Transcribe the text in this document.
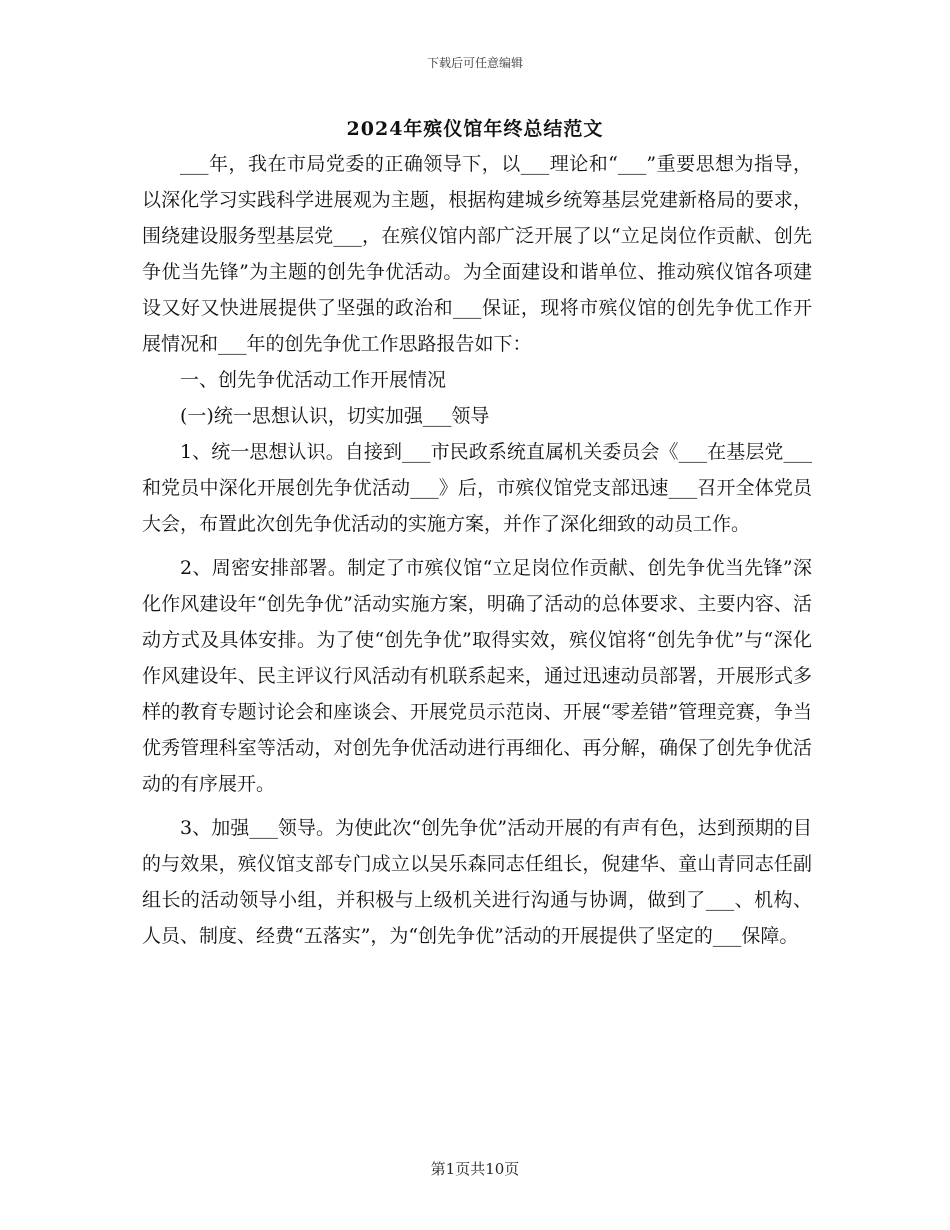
下载后可任意编辑
2024年殡仪馆年终总结范文

___年，我在市局党委的正确领导下，以___理论和“___”重要思想为指导，以深化学习实践科学进展观为主题，根据构建城乡统筹基层党建新格局的要求，围绕建设服务型基层党___，在殡仪馆内部广泛开展了以“立足岗位作贡献、创先争优当先锋”为主题的创先争优活动。为全面建设和谐单位、推动殡仪馆各项建设又好又快进展提供了坚强的政治和___保证，现将市殡仪馆的创先争优工作开展情况和___年的创先争优工作思路报告如下：

一、创先争优活动工作开展情况

(一)统一思想认识，切实加强___领导

1、统一思想认识。自接到___市民政系统直属机关委员会《___在基层党___和党员中深化开展创先争优活动___》后，市殡仪馆党支部迅速___召开全体党员大会，布置此次创先争优活动的实施方案，并作了深化细致的动员工作。

2、周密安排部署。制定了市殡仪馆“立足岗位作贡献、创先争优当先锋”深化作风建设年“创先争优”活动实施方案，明确了活动的总体要求、主要内容、活动方式及具体安排。为了使“创先争优”取得实效，殡仪馆将“创先争优”与“深化作风建设年、民主评议行风活动有机联系起来，通过迅速动员部署，开展形式多样的教育专题讨论会和座谈会、开展党员示范岗、开展“零差错”管理竞赛，争当优秀管理科室等活动，对创先争优活动进行再细化、再分解，确保了创先争优活动的有序展开。

3、加强___领导。为使此次“创先争优”活动开展的有声有色，达到预期的目的与效果，殡仪馆支部专门成立以吴乐森同志任组长，倪建华、童山青同志任副组长的活动领导小组，并积极与上级机关进行沟通与协调，做到了___、机构、人员、制度、经费“五落实”，为“创先争优”活动的开展提供了坚定的___保障。

第1页共10页
